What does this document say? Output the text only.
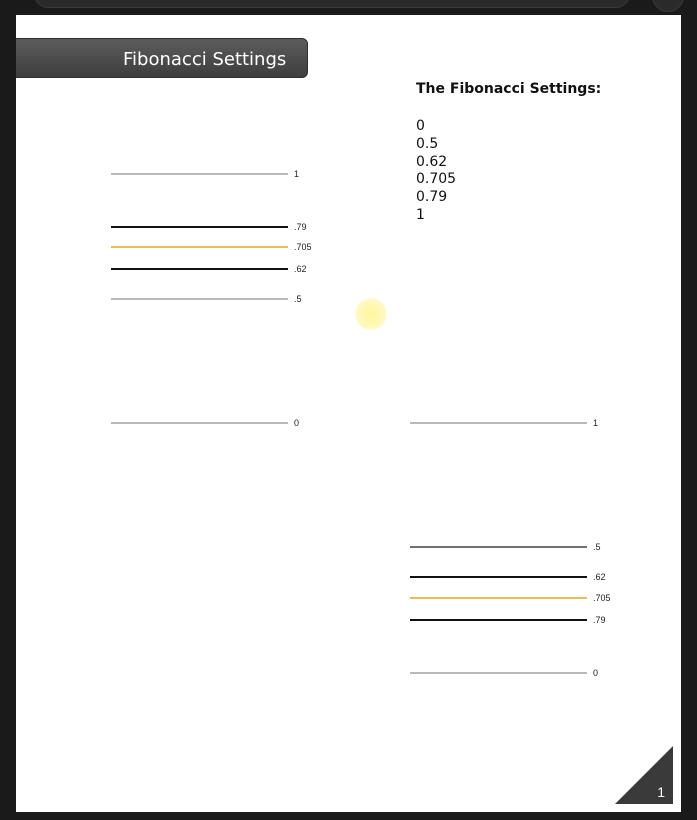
Fibonacci Settings
The Fibonacci Settings:
0
0.5
0.62
0.705
0.79
1
1
.79
.705
.62
.5
0	1
.5
.62
.705
.79
0
1
